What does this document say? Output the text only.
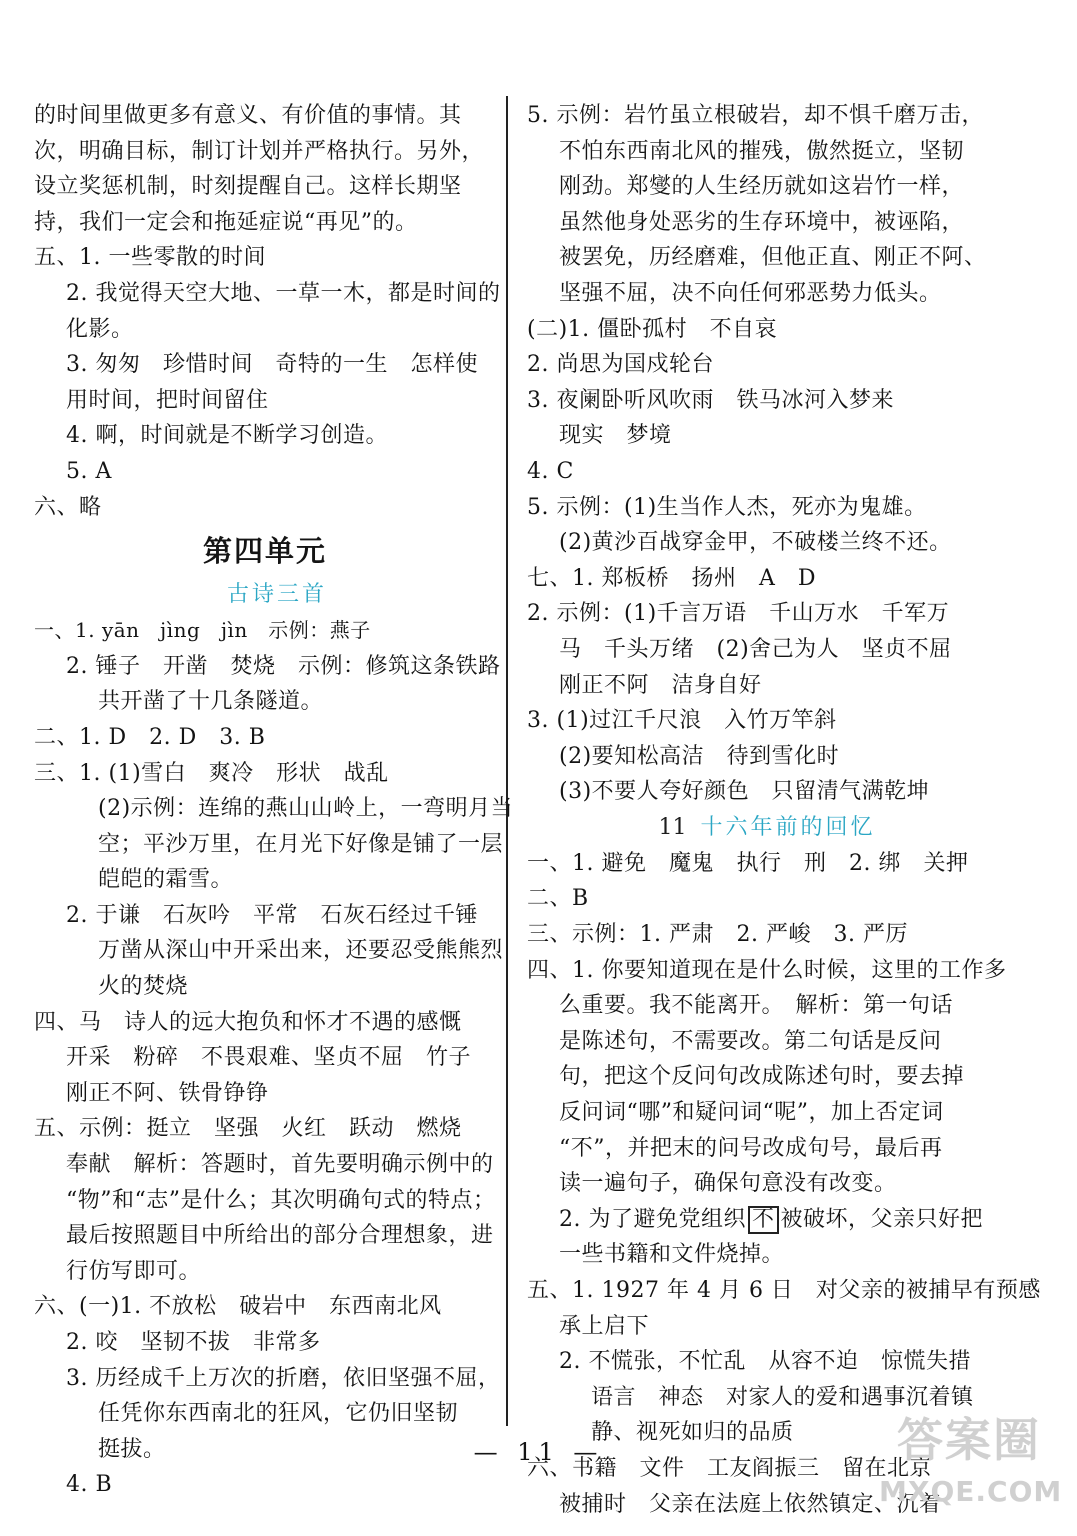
的时间里做更多有意义、有价值的事情。其
次，明确目标，制订计划并严格执行。另外，
设立奖惩机制，时刻提醒自己。这样长期坚
持，我们一定会和拖延症说“再见”的。
五、1. 一些零散的时间
2. 我觉得天空大地、一草一木，都是时间的
化影。
3. 匆匆　珍惜时间　奇特的一生　怎样使
用时间，把时间留住
4. 啊，时间就是不断学习创造。
5. A
六、略
第四单元
古诗三首
一、1. yān　jìng　jìn　示例：燕子
2. 锤子　开凿　焚烧　示例：修筑这条铁路
共开凿了十几条隧道。
二、1. D　2. D　3. B
三、1. (1)雪白　爽冷　形状　战乱
(2)示例：连绵的燕山山岭上，一弯明月当
空；平沙万里，在月光下好像是铺了一层
皑皑的霜雪。
2. 于谦　石灰吟　平常　石灰石经过千锤
万凿从深山中开采出来，还要忍受熊熊烈
火的焚烧
四、马　诗人的远大抱负和怀才不遇的感慨
开采　粉碎　不畏艰难、坚贞不屈　竹子
刚正不阿、铁骨铮铮
五、示例：挺立　坚强　火红　跃动　燃烧
奉献　解析：答题时，首先要明确示例中的
“物”和“志”是什么；其次明确句式的特点；
最后按照题目中所给出的部分合理想象，进
行仿写即可。
六、(一)1. 不放松　破岩中　东西南北风
2. 咬　坚韧不拔　非常多
3. 历经成千上万次的折磨，依旧坚强不屈，
任凭你东西南北的狂风，它仍旧坚韧
挺拔。
4. B
5. 示例：岩竹虽立根破岩，却不惧千磨万击，
不怕东西南北风的摧残，傲然挺立，坚韧
刚劲。郑燮的人生经历就如这岩竹一样，
虽然他身处恶劣的生存环境中，被诬陷，
被罢免，历经磨难，但他正直、刚正不阿、
坚强不屈，决不向任何邪恶势力低头。
(二)1. 僵卧孤村　不自哀
2. 尚思为国戍轮台
3. 夜阑卧听风吹雨　铁马冰河入梦来
现实　梦境
4. C
5. 示例：(1)生当作人杰，死亦为鬼雄。
(2)黄沙百战穿金甲，不破楼兰终不还。
七、1. 郑板桥　扬州　A　D
2. 示例：(1)千言万语　千山万水　千军万
马　千头万绪　(2)舍己为人　坚贞不屈
刚正不阿　洁身自好
3. (1)过江千尺浪　入竹万竿斜
(2)要知松高洁　待到雪化时
(3)不要人夸好颜色　只留清气满乾坤
11 十六年前的回忆
一、1. 避免　魔鬼　执行　刑　2. 绑　关押
二、B
三、示例：1. 严肃　2. 严峻　3. 严厉
四、1. 你要知道现在是什么时候，这里的工作多
么重要。我不能离开。　解析：第一句话
是陈述句，不需要改。第二句话是反问
句，把这个反问句改成陈述句时，要去掉
反问词“哪”和疑问词“呢”，加上否定词
“不”，并把末的问号改成句号，最后再
读一遍句子，确保句意没有改变。
2. 为了避免党组织 不 被破坏，父亲只好把
一些书籍和文件烧掉。
五、1. 1927 年 4 月 6 日　对父亲的被捕早有预感
承上启下
2. 不慌张，不忙乱　从容不迫　惊慌失措
语言　神态　对家人的爱和遇事沉着镇
静、视死如归的品质
六、书籍　文件　工友阎振三　留在北京
被捕时　父亲在法庭上依然镇定、沉着
— 11 —	答案圈
MXQE.COM
